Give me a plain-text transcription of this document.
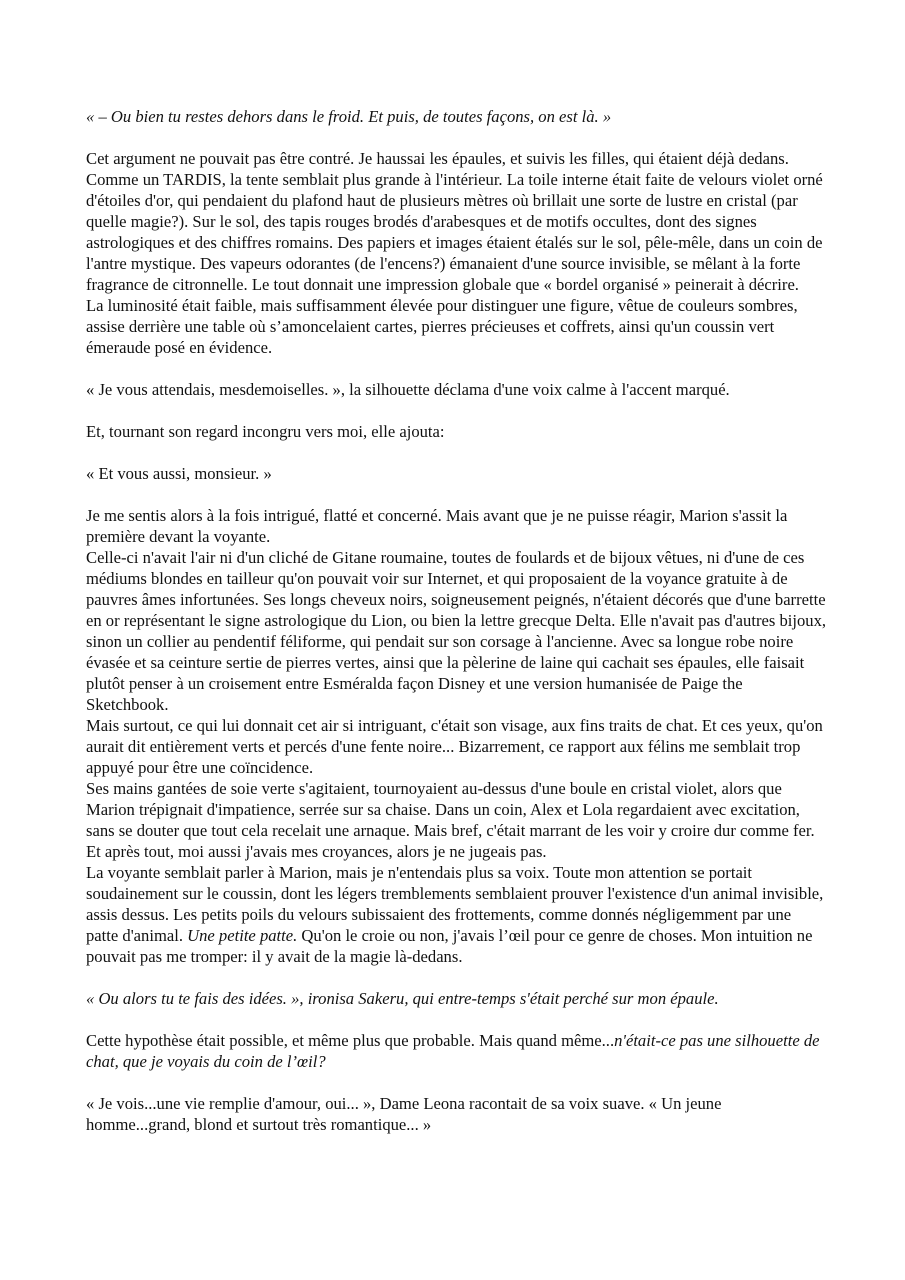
« – Ou bien tu restes dehors dans le froid. Et puis, de toutes façons, on est là. »

Cet argument ne pouvait pas être contré. Je haussai les épaules, et suivis les filles, qui étaient déjà dedans.

Comme un TARDIS, la tente semblait plus grande à l'intérieur. La toile interne était faite de velours violet orné d'étoiles d'or, qui pendaient du plafond haut de plusieurs mètres où brillait une sorte de lustre en cristal (par quelle magie?). Sur le sol, des tapis rouges brodés d'arabesques et de motifs occultes, dont des signes astrologiques et des chiffres romains. Des papiers et images étaient étalés sur le sol, pêle-mêle, dans un coin de l'antre mystique. Des vapeurs odorantes (de l'encens?) émanaient d'une source invisible, se mêlant à la forte fragrance de citronnelle. Le tout donnait une impression globale que « bordel organisé » peinerait à décrire.

La luminosité était faible, mais suffisamment élevée pour distinguer une figure, vêtue de couleurs sombres, assise derrière une table où s’amoncelaient cartes, pierres précieuses et coffrets, ainsi qu'un coussin vert émeraude posé en évidence.

« Je vous attendais, mesdemoiselles. », la silhouette déclama d'une voix calme à l'accent marqué.

Et, tournant son regard incongru vers moi, elle ajouta:

« Et vous aussi, monsieur. »

Je me sentis alors à la fois intrigué, flatté et concerné. Mais avant que je ne puisse réagir, Marion s'assit la première devant la voyante.

Celle-ci n'avait l'air ni d'un cliché de Gitane roumaine, toutes de foulards et de bijoux vêtues, ni d'une de ces médiums blondes en tailleur qu'on pouvait voir sur Internet, et qui proposaient de la voyance gratuite à de pauvres âmes infortunées. Ses longs cheveux noirs, soigneusement peignés, n'étaient décorés que d'une barrette en or représentant le signe astrologique du Lion, ou bien la lettre grecque Delta. Elle n'avait pas d'autres bijoux, sinon un collier au pendentif féliforme, qui pendait sur son corsage à l'ancienne. Avec sa longue robe noire évasée et sa ceinture sertie de pierres vertes, ainsi que la pèlerine de laine qui cachait ses épaules, elle faisait plutôt penser à un croisement entre Esméralda façon Disney et une version humanisée de Paige the Sketchbook.

Mais surtout, ce qui lui donnait cet air si intriguant, c'était son visage, aux fins traits de chat. Et ces yeux, qu'on aurait dit entièrement verts et percés d'une fente noire... Bizarrement, ce rapport aux félins me semblait trop appuyé pour être une coïncidence.

Ses mains gantées de soie verte s'agitaient, tournoyaient au-dessus d'une boule en cristal violet, alors que Marion trépignait d'impatience, serrée sur sa chaise. Dans un coin, Alex et Lola regardaient avec excitation, sans se douter que tout cela recelait une arnaque. Mais bref, c'était marrant de les voir y croire dur comme fer. Et après tout, moi aussi j'avais mes croyances, alors je ne jugeais pas.

La voyante semblait parler à Marion, mais je n'entendais plus sa voix. Toute mon attention se portait soudainement sur le coussin, dont les légers tremblements semblaient prouver l'existence d'un animal invisible, assis dessus. Les petits poils du velours subissaient des frottements, comme donnés négligemment par une patte d'animal. Une petite patte. Qu'on le croie ou non, j'avais l’œil pour ce genre de choses. Mon intuition ne pouvait pas me tromper: il y avait de la magie là-dedans.

« Ou alors tu te fais des idées. », ironisa Sakeru, qui entre-temps s'était perché sur mon épaule.

Cette hypothèse était possible, et même plus que probable. Mais quand même...n'était-ce pas une silhouette de chat, que je voyais du coin de l’œil?

« Je vois...une vie remplie d'amour, oui... », Dame Leona racontait de sa voix suave. « Un jeune homme...grand, blond et surtout très romantique... »
